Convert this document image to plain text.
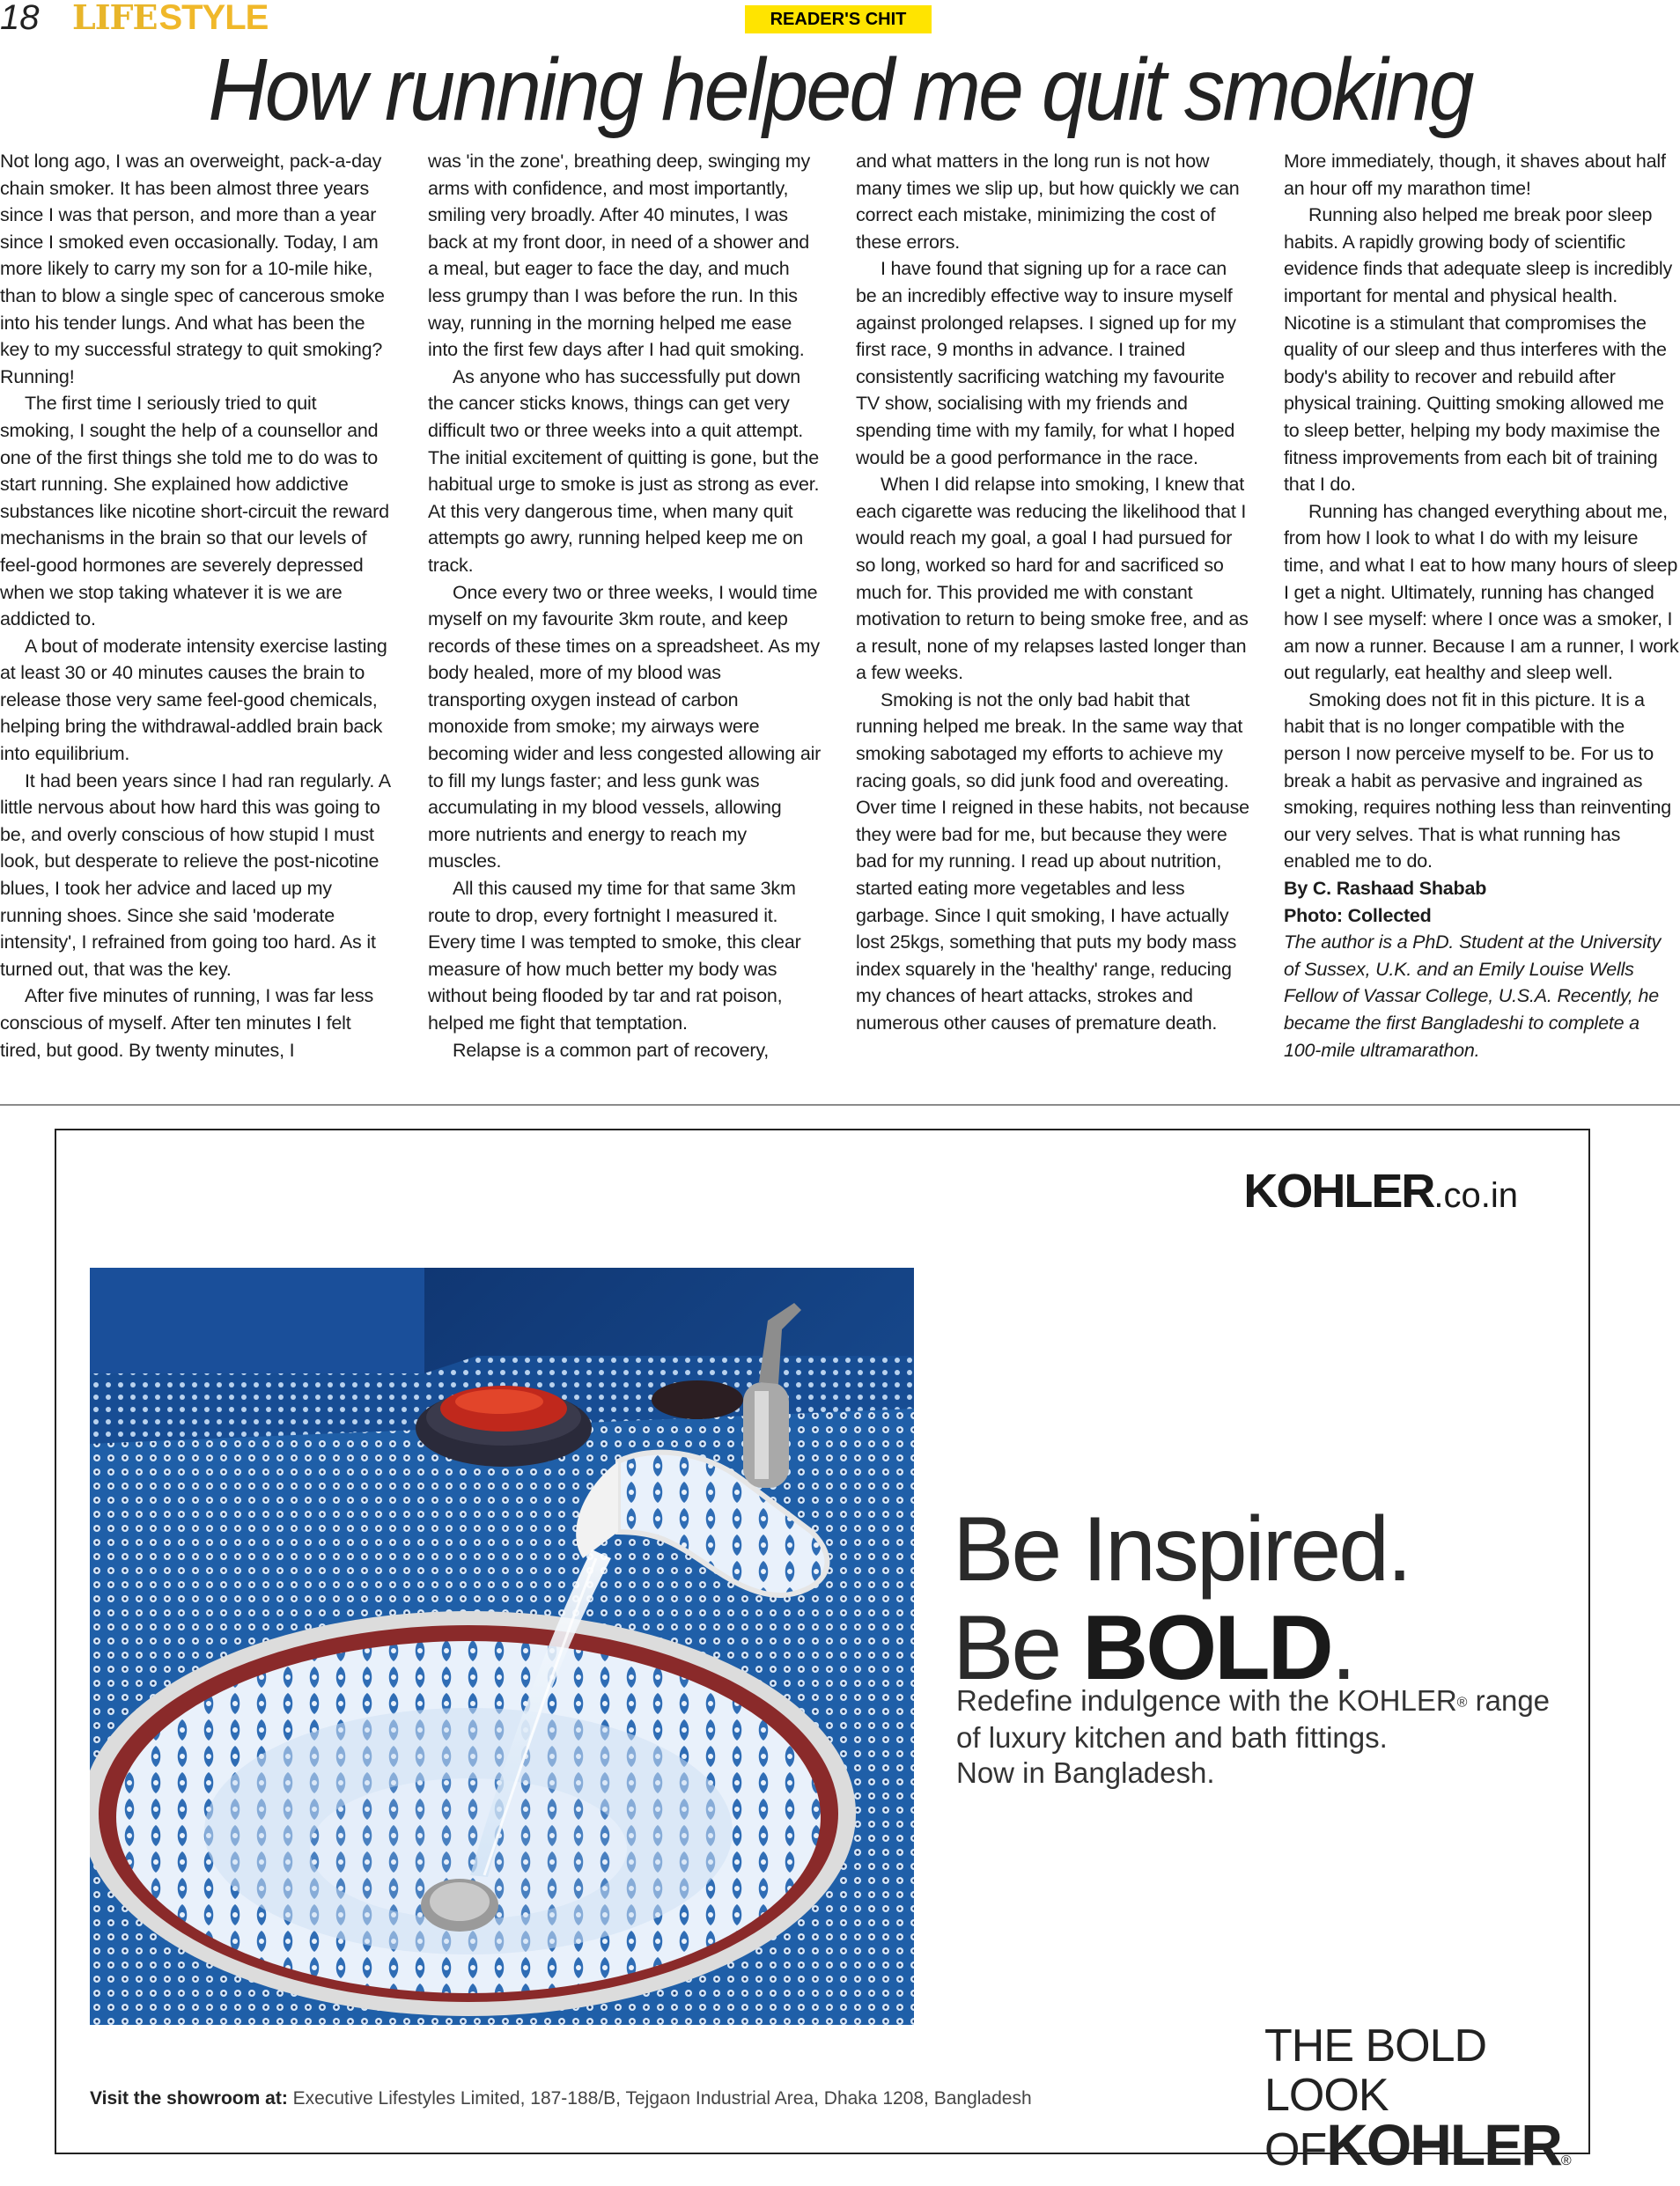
18 LIFESTYLE	READER'S CHIT
How running helped me quit smoking

Not long ago, I was an overweight, pack-a-day chain smoker. It has been almost three years since I was that person, and more than a year since I smoked even occasionally. Today, I am more likely to carry my son for a 10-mile hike, than to blow a single spec of cancerous smoke into his tender lungs. And what has been the key to my successful strategy to quit smoking? Running!

The first time I seriously tried to quit smoking, I sought the help of a counsellor and one of the first things she told me to do was to start running. She explained how addictive substances like nicotine short-circuit the reward mechanisms in the brain so that our levels of feel-good hormones are severely depressed when we stop taking whatever it is we are addicted to.

A bout of moderate intensity exercise lasting at least 30 or 40 minutes causes the brain to release those very same feel-good chemicals, helping bring the withdrawal-addled brain back into equilibrium.

It had been years since I had ran regularly. A little nervous about how hard this was going to be, and overly conscious of how stupid I must look, but desperate to relieve the post-nicotine blues, I took her advice and laced up my running shoes. Since she said 'moderate intensity', I refrained from going too hard. As it turned out, that was the key.

After five minutes of running, I was far less conscious of myself. After ten minutes I felt tired, but good. By twenty minutes, I

was 'in the zone', breathing deep, swinging my arms with confidence, and most importantly, smiling very broadly. After 40 minutes, I was back at my front door, in need of a shower and a meal, but eager to face the day, and much less grumpy than I was before the run. In this way, running in the morning helped me ease into the first few days after I had quit smoking.

As anyone who has successfully put down the cancer sticks knows, things can get very difficult two or three weeks into a quit attempt. The initial excitement of quitting is gone, but the habitual urge to smoke is just as strong as ever. At this very dangerous time, when many quit attempts go awry, running helped keep me on track.

Once every two or three weeks, I would time myself on my favourite 3km route, and keep records of these times on a spreadsheet. As my body healed, more of my blood was transporting oxygen instead of carbon monoxide from smoke; my airways were becoming wider and less congested allowing air to fill my lungs faster; and less gunk was accumulating in my blood vessels, allowing more nutrients and energy to reach my muscles.

All this caused my time for that same 3km route to drop, every fortnight I measured it. Every time I was tempted to smoke, this clear measure of how much better my body was without being flooded by tar and rat poison, helped me fight that temptation.

Relapse is a common part of recovery,

and what matters in the long run is not how many times we slip up, but how quickly we can correct each mistake, minimizing the cost of these errors.

I have found that signing up for a race can be an incredibly effective way to insure myself against prolonged relapses. I signed up for my first race, 9 months in advance. I trained consistently sacrificing watching my favourite TV show, socialising with my friends and spending time with my family, for what I hoped would be a good performance in the race.

When I did relapse into smoking, I knew that each cigarette was reducing the likelihood that I would reach my goal, a goal I had pursued for so long, worked so hard for and sacrificed so much for. This provided me with constant motivation to return to being smoke free, and as a result, none of my relapses lasted longer than a few weeks.

Smoking is not the only bad habit that running helped me break. In the same way that smoking sabotaged my efforts to achieve my racing goals, so did junk food and overeating. Over time I reigned in these habits, not because they were bad for me, but because they were bad for my running. I read up about nutrition, started eating more vegetables and less garbage. Since I quit smoking, I have actually lost 25kgs, something that puts my body mass index squarely in the 'healthy' range, reducing my chances of heart attacks, strokes and numerous other causes of premature death.

More immediately, though, it shaves about half an hour off my marathon time!

Running also helped me break poor sleep habits. A rapidly growing body of scientific evidence finds that adequate sleep is incredibly important for mental and physical health. Nicotine is a stimulant that compromises the quality of our sleep and thus interferes with the body's ability to recover and rebuild after physical training. Quitting smoking allowed me to sleep better, helping my body maximise the fitness improvements from each bit of training that I do.

Running has changed everything about me, from how I look to what I do with my leisure time, and what I eat to how many hours of sleep I get a night. Ultimately, running has changed how I see myself: where I once was a smoker, I am now a runner. Because I am a runner, I work out regularly, eat healthy and sleep well.

Smoking does not fit in this picture. It is a habit that is no longer compatible with the person I now perceive myself to be. For us to break a habit as pervasive and ingrained as smoking, requires nothing less than reinventing our very selves. That is what running has enabled me to do.

By C. Rashaad Shabab

Photo: Collected

The author is a PhD. Student at the University of Sussex, U.K. and an Emily Louise Wells Fellow of Vassar College, U.S.A. Recently, he became the first Bangladeshi to complete a 100-mile ultramarathon.

KOHLER.co.in
Be Inspired.
Be BOLD.
Redefine indulgence with the KOHLER® range
of luxury kitchen and bath fittings.
Now in Bangladesh.
Visit the showroom at: Executive Lifestyles Limited, 187-188/B, Tejgaon Industrial Area, Dhaka 1208, Bangladesh
THE BOLD LOOK
OFKOHLER®
